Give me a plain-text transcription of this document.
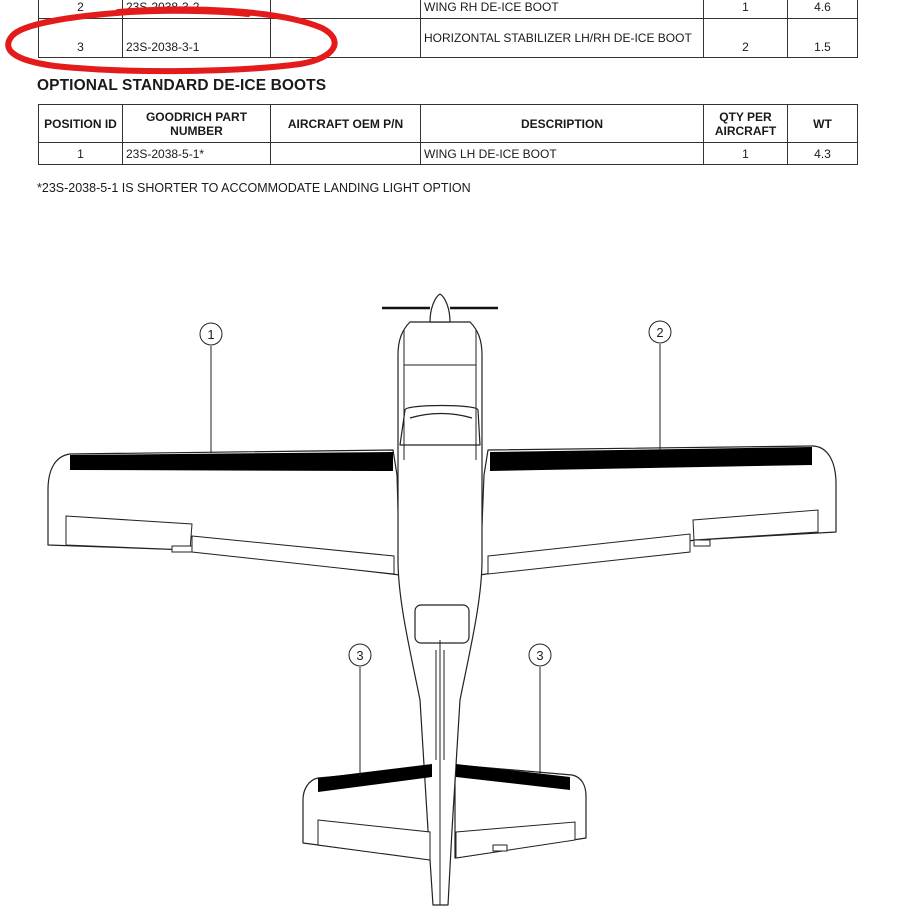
2	23S-2038-3-2		WING RH DE-ICE BOOT	1	4.6
3	23S-2038-3-1		HORIZONTAL STABILIZER LH/RH DE-ICE BOOT	2	1.5
OPTIONAL STANDARD DE-ICE BOOTS
POSITION ID	GOODRICH PART NUMBER	AIRCRAFT OEM P/N	DESCRIPTION	QTY PER AIRCRAFT	WT
1	23S-2038-5-1*		WING LH DE-ICE BOOT	1	4.3
*23S-2038-5-1 IS SHORTER TO ACCOMMODATE LANDING LIGHT OPTION
1	2
3	3
